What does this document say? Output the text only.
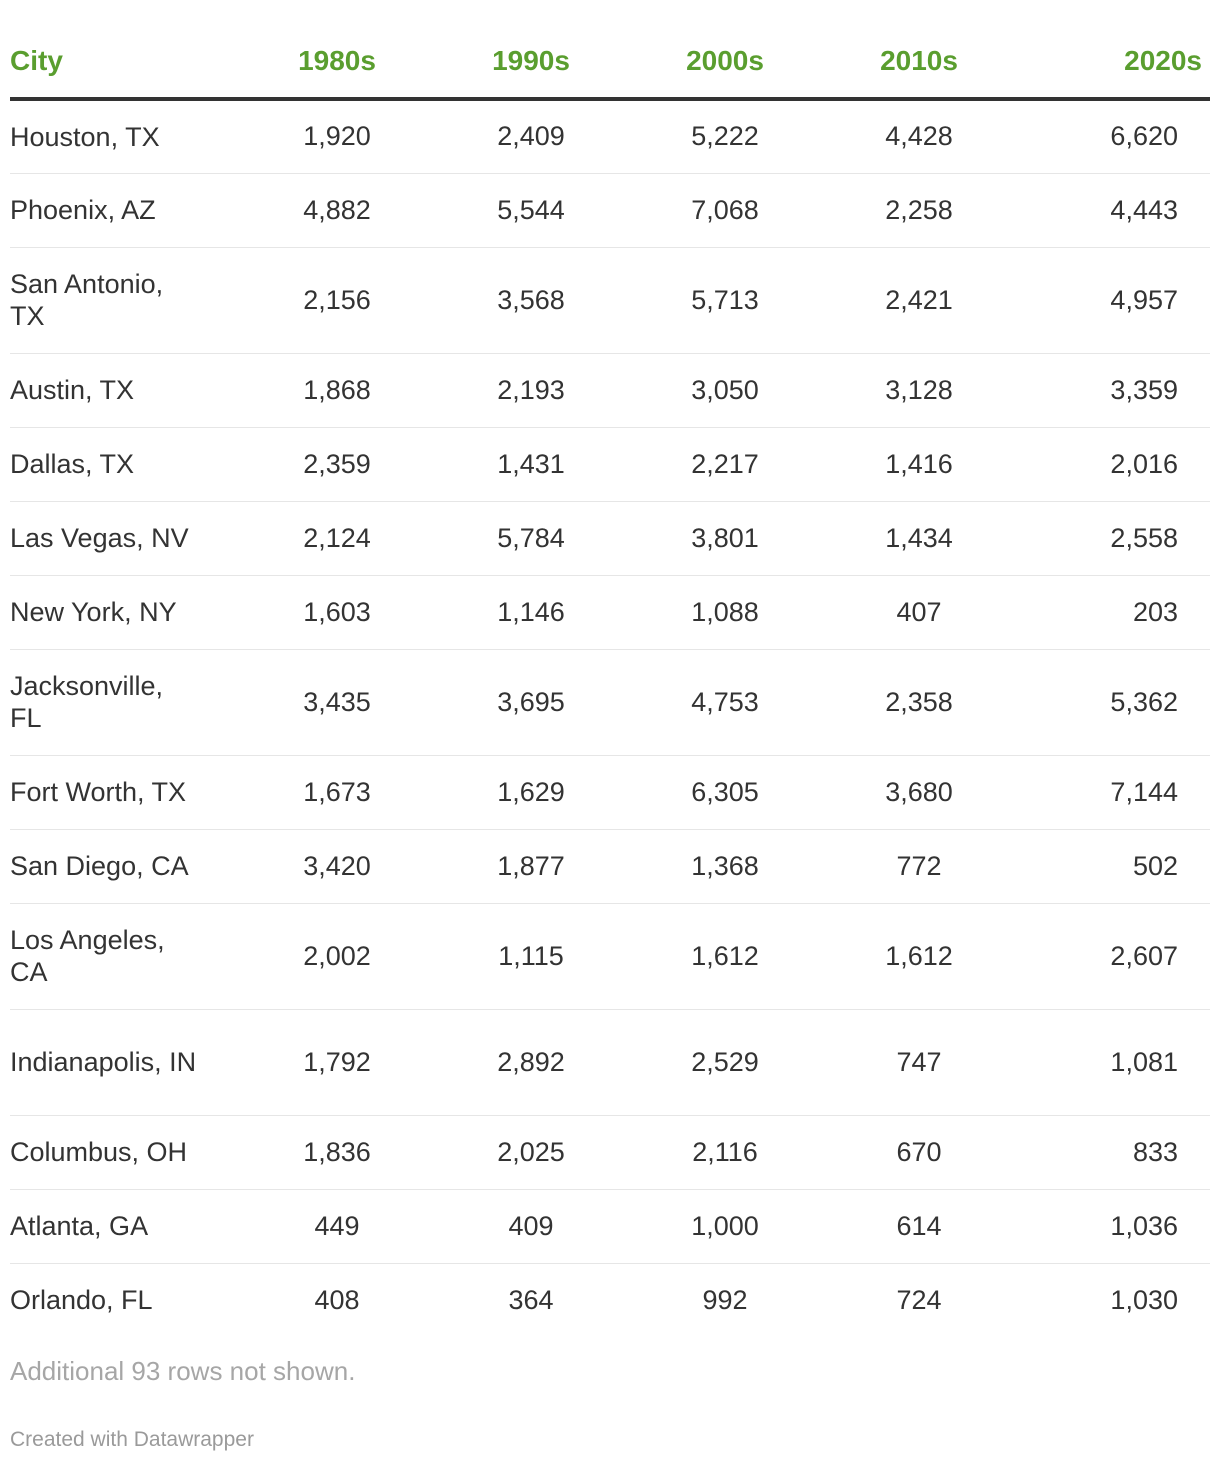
City	1980s	1990s	2000s	2010s	2020s
Houston, TX	1,920	2,409	5,222	4,428	6,620
Phoenix, AZ	4,882	5,544	7,068	2,258	4,443
San Antonio, TX	2,156	3,568	5,713	2,421	4,957
Austin, TX	1,868	2,193	3,050	3,128	3,359
Dallas, TX	2,359	1,431	2,217	1,416	2,016
Las Vegas, NV	2,124	5,784	3,801	1,434	2,558
New York, NY	1,603	1,146	1,088	407	203
Jacksonville, FL	3,435	3,695	4,753	2,358	5,362
Fort Worth, TX	1,673	1,629	6,305	3,680	7,144
San Diego, CA	3,420	1,877	1,368	772	502
Los Angeles, CA	2,002	1,115	1,612	1,612	2,607
Indianapolis, IN	1,792	2,892	2,529	747	1,081
Columbus, OH	1,836	2,025	2,116	670	833
Atlanta, GA	449	409	1,000	614	1,036
Orlando, FL	408	364	992	724	1,030
Additional 93 rows not shown.
Created with Datawrapper
